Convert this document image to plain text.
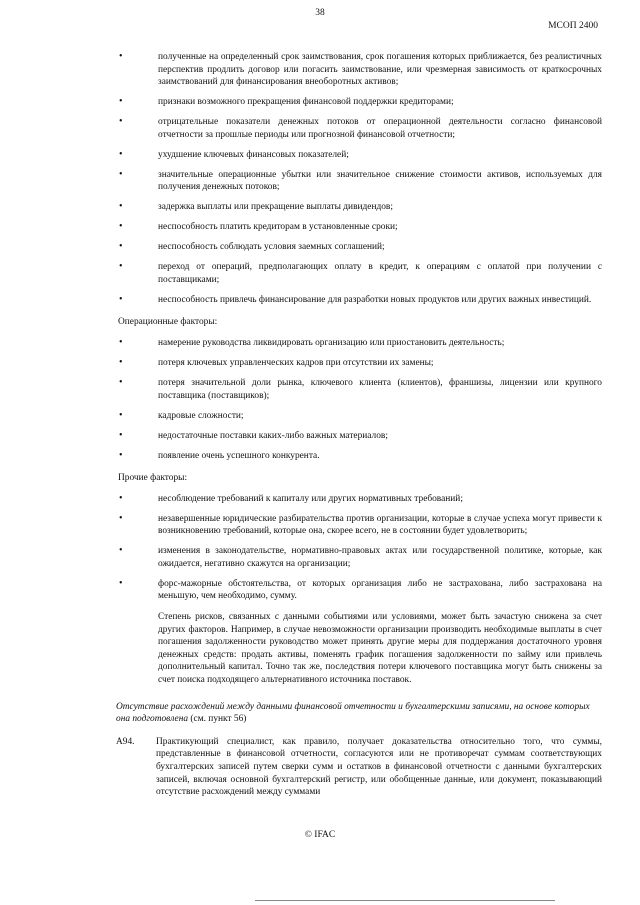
38
МСОП 2400
• полученные на определенный срок заимствования, срок погашения которых приближается, без реалистичных перспектив продлить договор или погасить заимствование, или чрезмерная зависимость от краткосрочных заимствований для финансирования внеоборотных активов;
• признаки возможного прекращения финансовой поддержки кредиторами;
• отрицательные показатели денежных потоков от операционной деятельности согласно финансовой отчетности за прошлые периоды или прогнозной финансовой отчетности;
• ухудшение ключевых финансовых показателей;
• значительные операционные убытки или значительное снижение стоимости активов, используемых для получения денежных потоков;
• задержка выплаты или прекращение выплаты дивидендов;
• неспособность платить кредиторам в установленные сроки;
• неспособность соблюдать условия заемных соглашений;
• переход от операций, предполагающих оплату в кредит, к операциям с оплатой при получении с поставщиками;
• неспособность привлечь финансирование для разработки новых продуктов или других важных инвестиций.
Операционные факторы:
• намерение руководства ликвидировать организацию или приостановить деятельность;
• потеря ключевых управленческих кадров при отсутствии их замены;
• потеря значительной доли рынка, ключевого клиента (клиентов), франшизы, лицензии или крупного поставщика (поставщиков);
• кадровые сложности;
• недостаточные поставки каких-либо важных материалов;
• появление очень успешного конкурента.
Прочие факторы:
• несоблюдение требований к капиталу или других нормативных требований;
• незавершенные юридические разбирательства против организации, которые в случае успеха могут привести к возникновению требований, которые она, скорее всего, не в состоянии будет удовлетворить;
• изменения в законодательстве, нормативно-правовых актах или государственной политике, которые, как ожидается, негативно скажутся на организации;
• форс-мажорные обстоятельства, от которых организация либо не застрахована, либо застрахована на меньшую, чем необходимо, сумму.

Степень рисков, связанных с данными событиями или условиями, может быть зачастую снижена за счет других факторов. Например, в случае невозможности организации производить необходимые выплаты в счет погашения задолженности руководство может принять другие меры для поддержания достаточного уровня денежных средств: продать активы, поменять график погашения задолженности по займу или привлечь дополнительный капитал. Точно так же, последствия потери ключевого поставщика могут быть снижены за счет поиска подходящего альтернативного источника поставок.

Отсутствие расхождений между данными финансовой отчетности и бухгалтерскими записями, на основе которых она подготовлена (см. пункт 56)
A94.	Практикующий специалист, как правило, получает доказательства относительно того, что суммы, представленные в финансовой отчетности, согласуются или не противоречат суммам соответствующих бухгалтерских записей путем сверки сумм и остатков в финансовой отчетности с данными бухгалтерских записей, включая основной бухгалтерский регистр, или обобщенные данные, или документ, показывающий отсутствие расхождений между суммами
© IFAC
